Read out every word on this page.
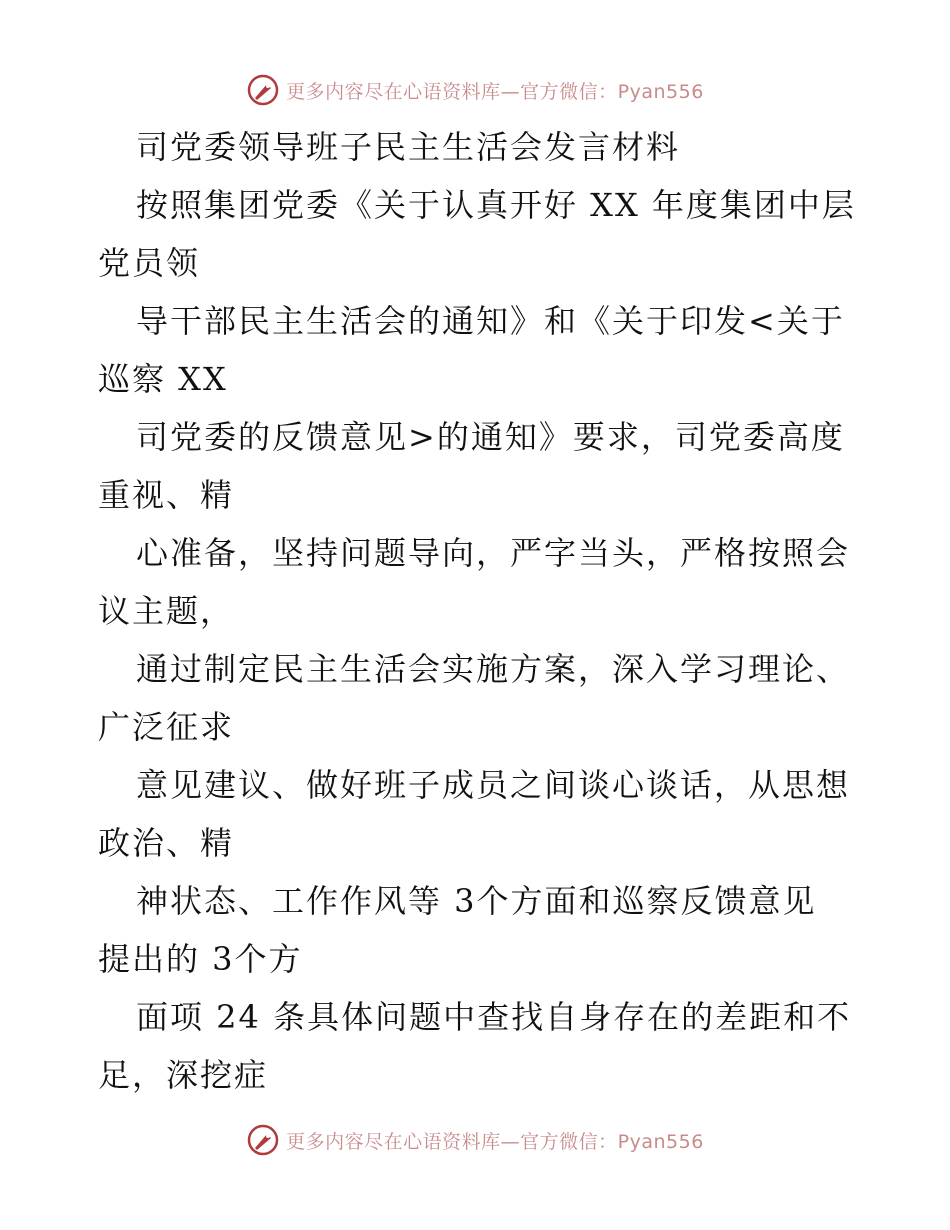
更多内容尽在心语资料库—官方微信：Pyan556
司党委领导班子民主生活会发言材料
按照集团党委《关于认真开好 XX 年度集团中层
党员领
导干部民主生活会的通知》和《关于印发<关于
巡察 XX
司党委的反馈意见>的通知》要求，司党委高度
重视、精
心准备，坚持问题导向，严字当头，严格按照会
议主题，
通过制定民主生活会实施方案，深入学习理论、
广泛征求
意见建议、做好班子成员之间谈心谈话，从思想
政治、精
神状态、工作作风等 3个方面和巡察反馈意见
提出的 3个方
面项 24 条具体问题中查找自身存在的差距和不
足，深挖症
更多内容尽在心语资料库—官方微信：Pyan556
